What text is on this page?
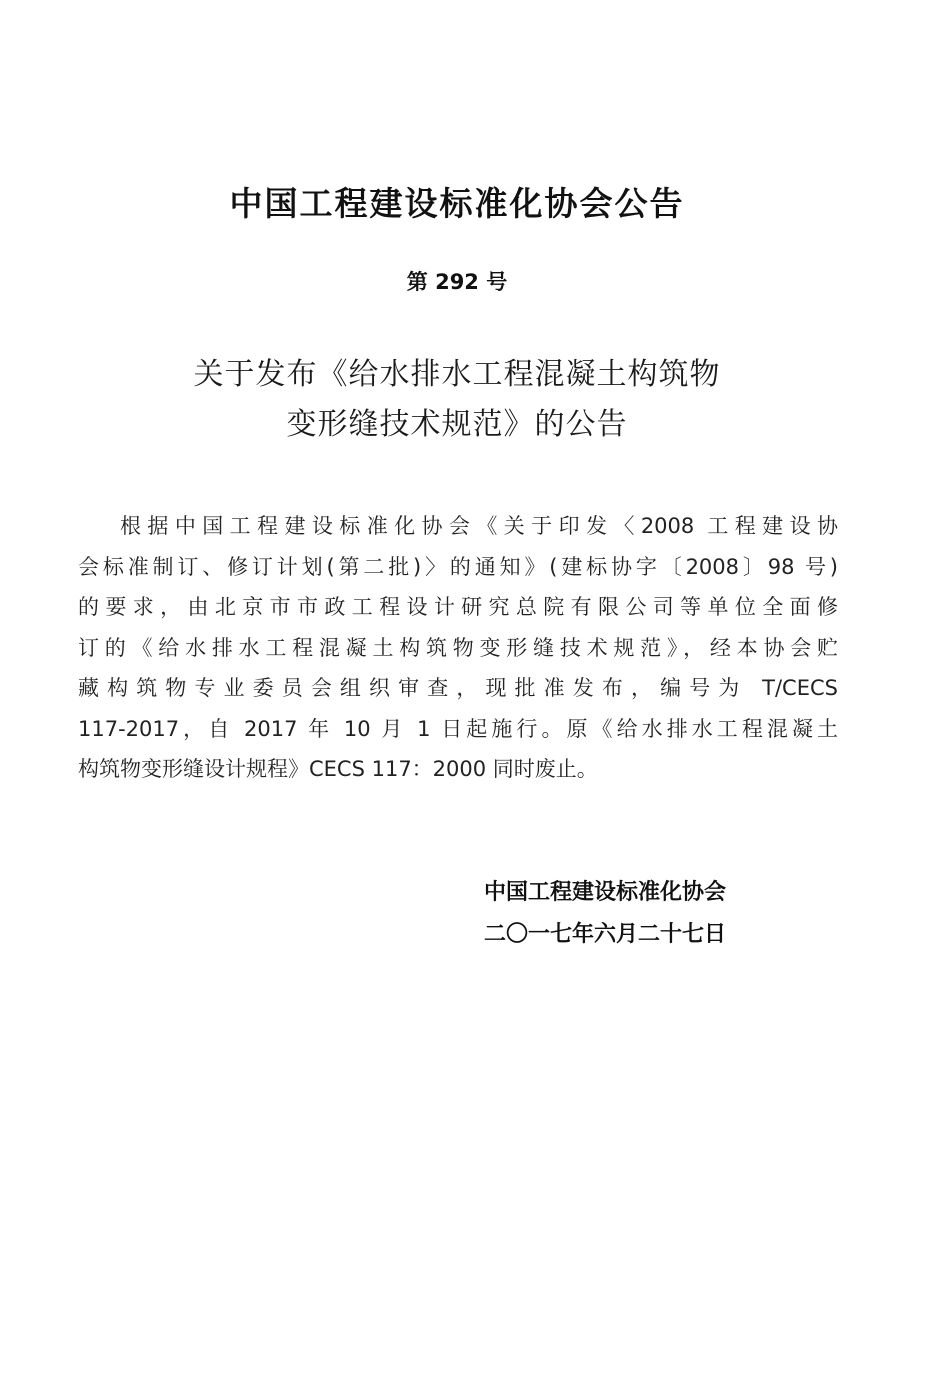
中国工程建设标准化协会公告
第 292 号
关于发布《给水排水工程混凝土构筑物
变形缝技术规范》的公告
根据中国工程建设标准化协会《关于印发〈2008 工程建设协
会标准制订、修订计划(第二批)〉的通知》(建标协字〔2008〕98 号)
的要求，由北京市市政工程设计研究总院有限公司等单位全面修
订的《给水排水工程混凝土构筑物变形缝技术规范》，经本协会贮
藏构筑物专业委员会组织审查，现批准发布，编号为 T/CECS
117-2017，自 2017 年 10 月 1 日起施行。原《给水排水工程混凝土
构筑物变形缝设计规程》CECS 117：2000 同时废止。
中国工程建设标准化协会
二〇一七年六月二十七日
